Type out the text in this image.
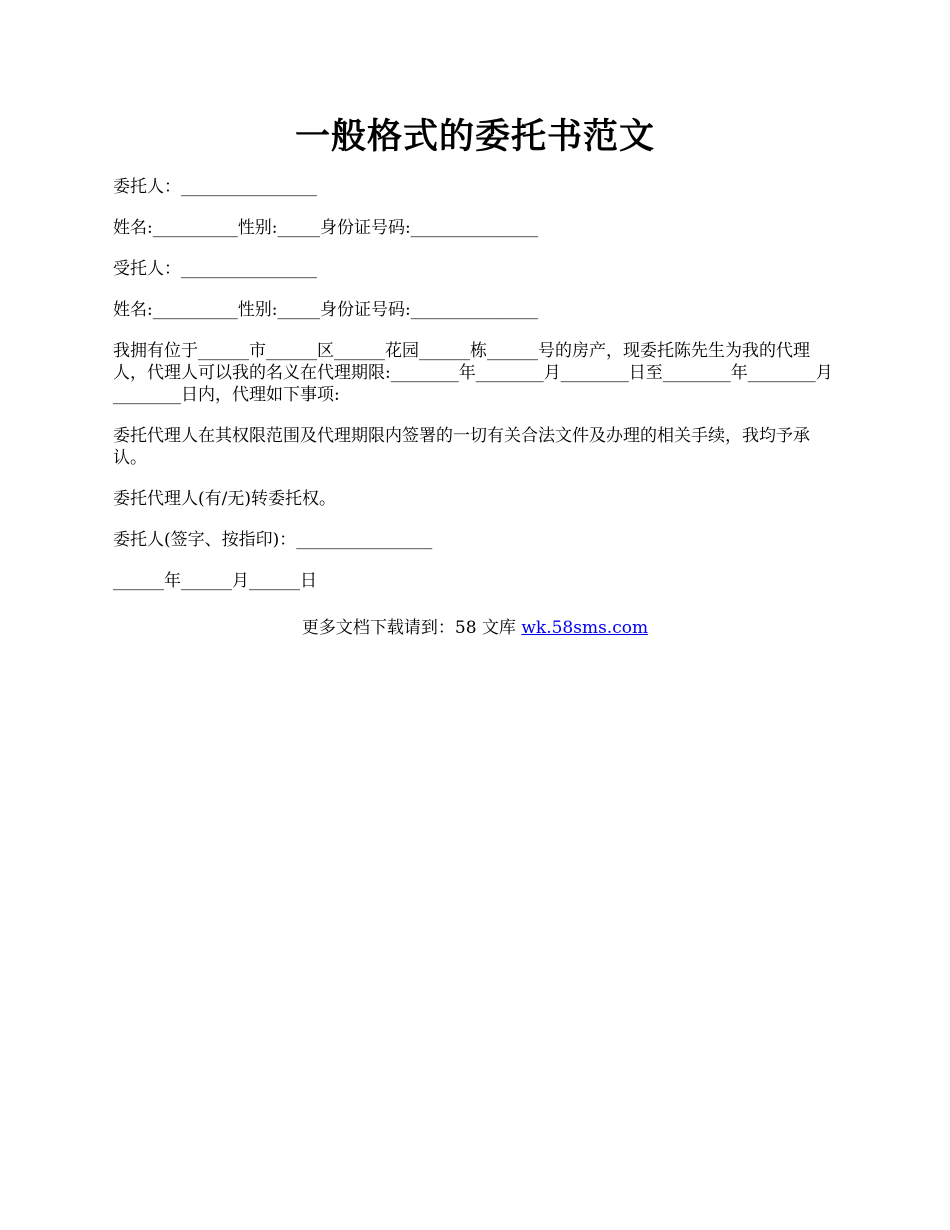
一般格式的委托书范文

委托人：________________

姓名:__________性别:_____身份证号码:_______________

受托人：________________

姓名:__________性别:_____身份证号码:_______________

我拥有位于______市______区______花园______栋______号的房产，现委托陈先生为我的代理人，代理人可以我的名义在代理期限:________年________月________日至________年________月________日内，代理如下事项:

委托代理人在其权限范围及代理期限内签署的一切有关合法文件及办理的相关手续，我均予承认。

委托代理人(有/无)转委托权。

委托人(签字、按指印)：________________

______年______月______日

更多文档下载请到：58 文库 wk.58sms.com
